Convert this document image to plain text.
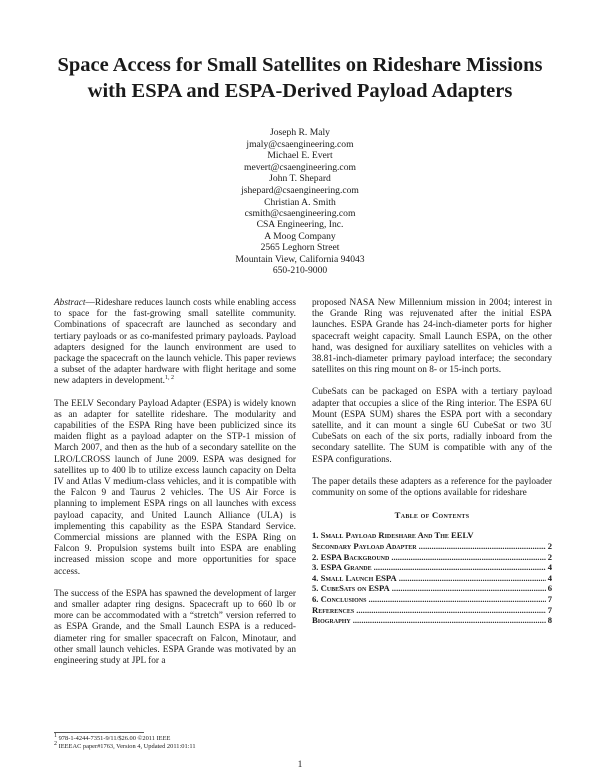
Space Access for Small Satellites on Rideshare Missions
with ESPA and ESPA-Derived Payload Adapters
Joseph R. Maly
jmaly@csaengineering.com
Michael E. Evert
mevert@csaengineering.com
John T. Shepard
jshepard@csaengineering.com
Christian A. Smith
csmith@csaengineering.com
CSA Engineering, Inc.
A Moog Company
2565 Leghorn Street
Mountain View, California 94043
650-210-9000

Abstract—Rideshare reduces launch costs while enabling access to space for the fast-growing small satellite community. Combinations of spacecraft are launched as secondary and tertiary payloads or as co-manifested primary payloads. Payload adapters designed for the launch environment are used to package the spacecraft on the launch vehicle. This paper reviews a subset of the adapter hardware with flight heritage and some new adapters in development.$^{1, 2}$

The EELV Secondary Payload Adapter (ESPA) is widely known as an adapter for satellite rideshare. The modularity and capabilities of the ESPA Ring have been publicized since its maiden flight as a payload adapter on the STP-1 mission of March 2007, and then as the hub of a secondary satellite on the LRO/LCROSS launch of June 2009. ESPA was designed for satellites up to 400 lb to utilize excess launch capacity on Delta IV and Atlas V medium-class vehicles, and it is compatible with the Falcon 9 and Taurus 2 vehicles. The US Air Force is planning to implement ESPA rings on all launches with excess payload capacity, and United Launch Alliance (ULA) is implementing this capability as the ESPA Standard Service. Commercial missions are planned with the ESPA Ring on Falcon 9. Propulsion systems built into ESPA are enabling increased mission scope and more opportunities for space access.

The success of the ESPA has spawned the development of larger and smaller adapter ring designs. Spacecraft up to 660 lb or more can be accommodated with a “stretch” version referred to as ESPA Grande, and the Small Launch ESPA is a reduced-diameter ring for smaller spacecraft on Falcon, Minotaur, and other small launch vehicles. ESPA Grande was motivated by an engineering study at JPL for a

proposed NASA New Millennium mission in 2004; interest in the Grande Ring was rejuvenated after the initial ESPA launches. ESPA Grande has 24-inch-diameter ports for higher spacecraft weight capacity. Small Launch ESPA, on the other hand, was designed for auxiliary satellites on vehicles with a 38.81-inch-diameter primary payload interface; the secondary satellites on this ring mount on 8- or 15-inch ports.

CubeSats can be packaged on ESPA with a tertiary payload adapter that occupies a slice of the Ring interior. The ESPA 6U Mount (ESPA SUM) shares the ESPA port with a secondary satellite, and it can mount a single 6U CubeSat or two 3U CubeSats on each of the six ports, radially inboard from the secondary satellite. The SUM is compatible with any of the ESPA configurations.

The paper details these adapters as a reference for the payloader community on some of the options available for rideshare

Table of Contents
1. Small Payload Rideshare And The EELV
Secondary Payload Adapter .....	2
2. ESPA Background .....	2
3. ESPA Grande .....	4
4. Small Launch ESPA .....	4
5. CubeSats on ESPA .....	6
6. Conclusions .....	7
References .....	7
Biography .....	8
$^1$ 978-1-4244-7351-9/11/$26.00 ©2011 IEEE
$^2$ IEEEAC paper#1763, Version 4, Updated 2011:01:11
1
